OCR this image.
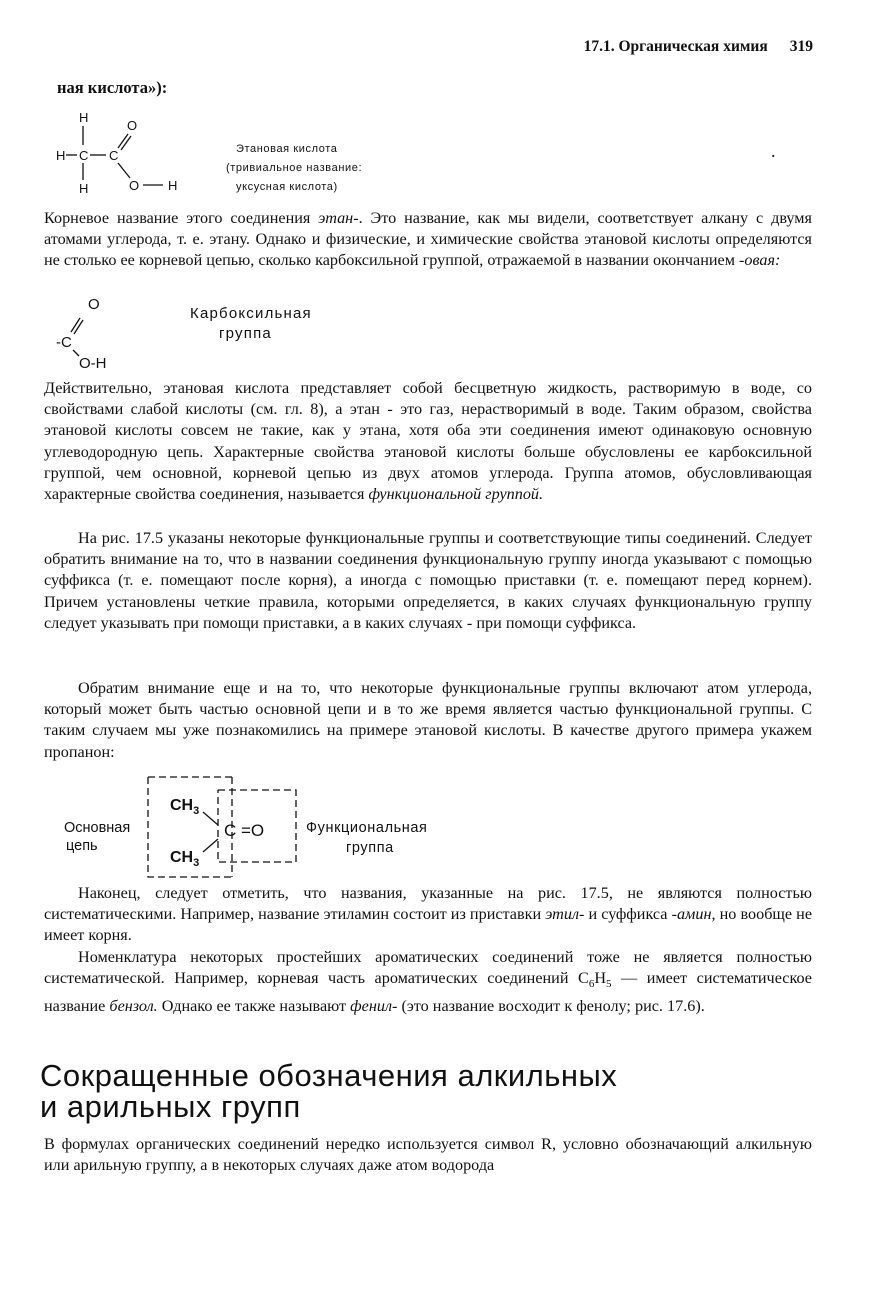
17.1. Органическая химия 319
ная кислота»):
H
O
H C C
H	O H
Этановая кислота
(тривиальное название:
уксусная кислота)
.
Корневое название этого соединения этан-. Это название, как мы видели, соответствует алкану с двумя атомами углерода, т. е. этану. Однако и физические, и химические свойства этановой кислоты определяются не столько ее корневой цепью, сколько карбоксильной группой, отражаемой в названии окончанием -овая:
O
-C
O-H
Карбоксильная
группа
Действительно, этановая кислота представляет собой бесцветную жидкость, растворимую в воде, со свойствами слабой кислоты (см. гл. 8), а этан - это газ, нерастворимый в воде. Таким образом, свойства этановой кислоты совсем не такие, как у этана, хотя оба эти соединения имеют одинаковую основную углеводородную цепь. Характерные свойства этановой кислоты больше обусловлены ее карбоксильной группой, чем основной, корневой цепью из двух атомов углерода. Группа атомов, обусловливающая характерные свойства соединения, называется функциональной группой.
На рис. 17.5 указаны некоторые функциональные группы и соответствующие типы соединений. Следует обратить внимание на то, что в названии соединения функциональную группу иногда указывают с помощью суффикса (т. е. помещают после корня), а иногда с помощью приставки (т. е. помещают перед корнем). Причем установлены четкие правила, которыми определяется, в каких случаях функциональную группу следует указывать при помощи приставки, а в каких случаях - при помощи суффикса.
Обратим внимание еще и на то, что некоторые функциональные группы включают атом углерода, который может быть частью основной цепи и в то же время является частью функциональной группы. С таким случаем мы уже познакомились на примере этановой кислоты. В качестве другого примера укажем пропанон:
$CH_3$
$CH_3$
C =O
Основная
цепь
Функциональная
группа
Наконец, следует отметить, что названия, указанные на рис. 17.5, не являются полностью систематическими. Например, название этиламин состоит из приставки этил- и суффикса -амин, но вообще не имеет корня.
Номенклатура некоторых простейших ароматических соединений тоже не является полностью систематической. Например, корневая часть ароматических соединений $C_6H_5$ — имеет систематическое название бензол. Однако ее также называют фенил- (это название восходит к фенолу; рис. 17.6).
Сокращенные обозначения алкильных
и арильных групп
В формулах органических соединений нередко используется символ R, условно обозначающий алкильную или арильную группу, а в некоторых случаях даже атом водорода
